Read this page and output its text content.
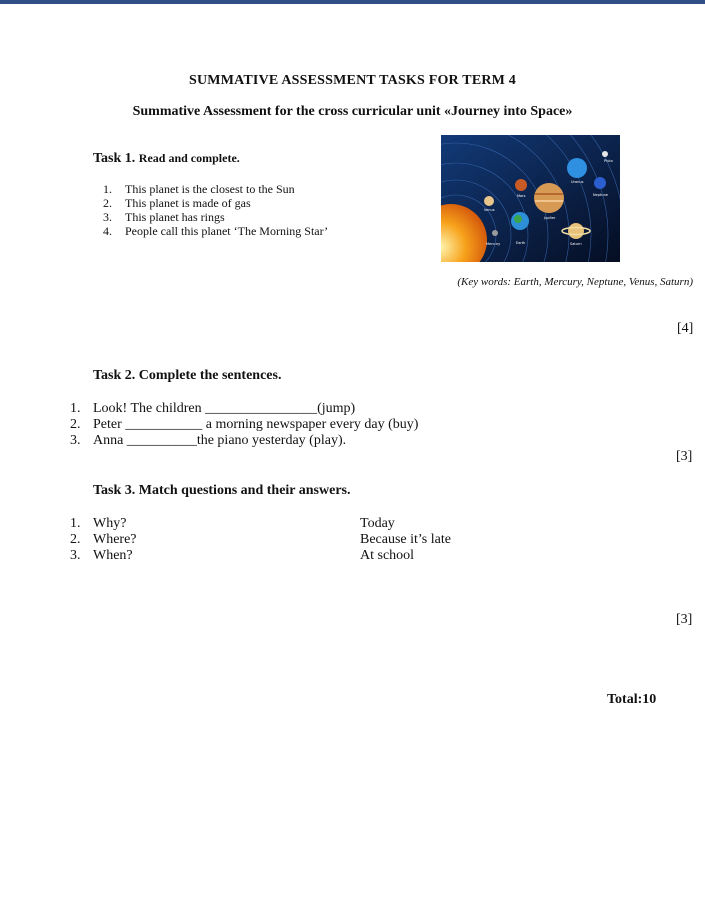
SUMMATIVE ASSESSMENT TASKS FOR TERM 4
Summative Assessment for the cross curricular unit «Journey into Space»
Task 1. Read and complete.
1.	This planet is the closest to the Sun
2.	This planet is made of gas
3.	This planet has rings
4.	People call this planet ‘The Morning Star’
Pluto
Uranus
Neptune
Mars
Venus
Jupiter
Earth
Mercury	Saturn
(Key words: Earth, Mercury, Neptune, Venus, Saturn)
[4]
Task 2. Complete the sentences.
1. Look! The children ________________(jump)
2. Peter ___________ a morning newspaper every day (buy)
3. Anna __________the piano yesterday (play).
[3]
Task 3. Match questions and their answers.
1. Why?	Today
2. Where?	Because it’s late
3. When?	At school
[3]
Total:10
